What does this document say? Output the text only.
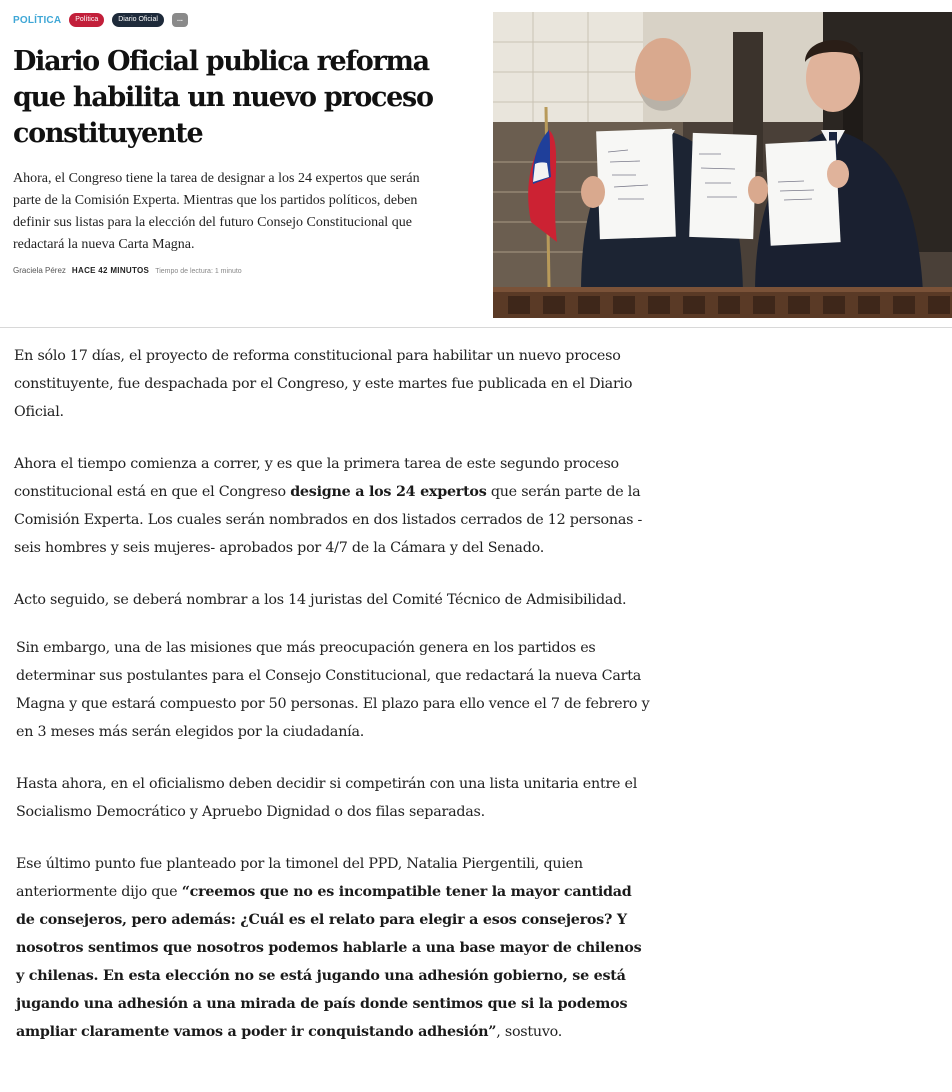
POLÍTICA	Política	Diario Oficial	...
Diario Oficial publica reforma que habilita un nuevo proceso constituyente

Ahora, el Congreso tiene la tarea de designar a los 24 expertos que serán parte de la Comisión Experta. Mientras que los partidos políticos, deben definir sus listas para la elección del futuro Consejo Constitucional que redactará la nueva Carta Magna.

Graciela Pérez HACE 42 MINUTOS Tiempo de lectura: 1 minuto

En sólo 17 días, el proyecto de reforma constitucional para habilitar un nuevo proceso constituyente, fue despachada por el Congreso, y este martes fue publicada en el Diario Oficial.

Ahora el tiempo comienza a correr, y es que la primera tarea de este segundo proceso constitucional está en que el Congreso designe a los 24 expertos que serán parte de la Comisión Experta. Los cuales serán nombrados en dos listados cerrados de 12 personas -seis hombres y seis mujeres- aprobados por 4/7 de la Cámara y del Senado.

Acto seguido, se deberá nombrar a los 14 juristas del Comité Técnico de Admisibilidad.

Sin embargo, una de las misiones que más preocupación genera en los partidos es determinar sus postulantes para el Consejo Constitucional, que redactará la nueva Carta Magna y que estará compuesto por 50 personas. El plazo para ello vence el 7 de febrero y en 3 meses más serán elegidos por la ciudadanía.

Hasta ahora, en el oficialismo deben decidir si competirán con una lista unitaria entre el Socialismo Democrático y Apruebo Dignidad o dos filas separadas.

Ese último punto fue planteado por la timonel del PPD, Natalia Piergentili, quien anteriormente dijo que “creemos que no es incompatible tener la mayor cantidad de consejeros, pero además: ¿Cuál es el relato para elegir a esos consejeros? Y nosotros sentimos que nosotros podemos hablarle a una base mayor de chilenos y chilenas. En esta elección no se está jugando una adhesión gobierno, se está jugando una adhesión a una mirada de país donde sentimos que si la podemos ampliar claramente vamos a poder ir conquistando adhesión”, sostuvo.
